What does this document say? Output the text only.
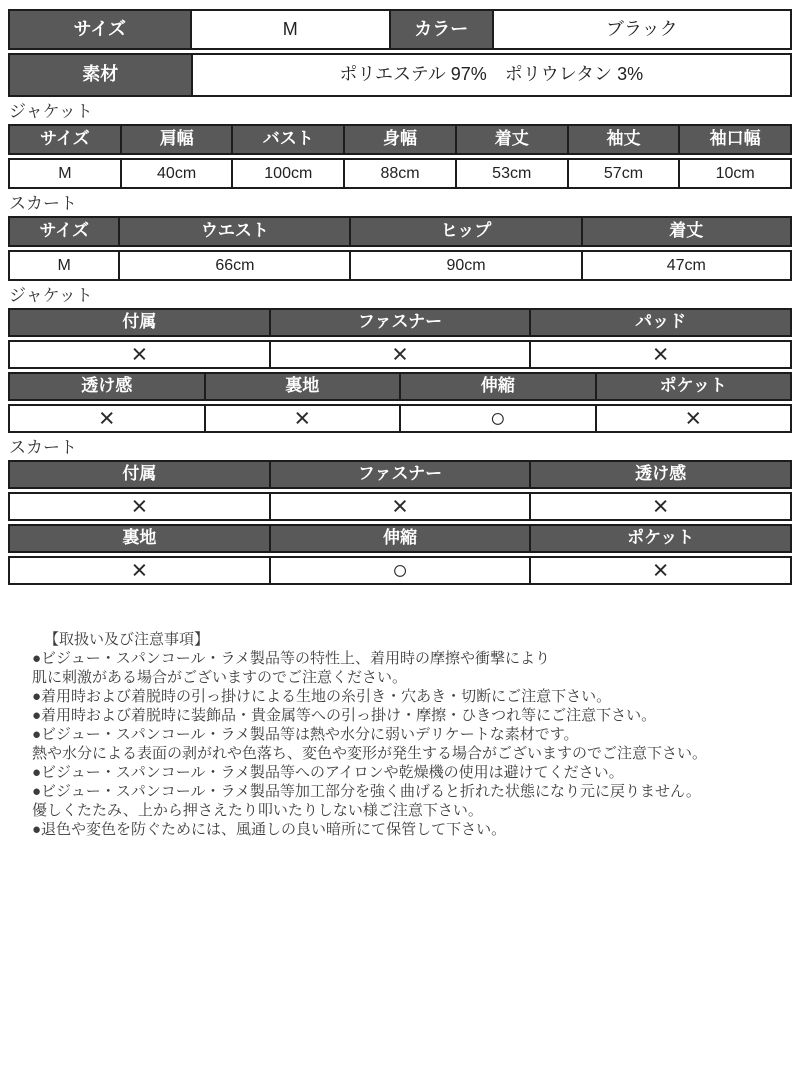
サイズ	M	カラー	ブラック
素材	ポリエステル 97%　ポリウレタン 3%
ジャケット
サイズ	肩幅	バスト	身幅	着丈	袖丈	袖口幅
M	40cm	100cm	88cm	53cm	57cm	10cm
スカート
サイズ	ウエスト	ヒップ	着丈
M	66cm	90cm	47cm
ジャケット
付属	ファスナー	パッド
×	×	×
透け感	裏地	伸縮	ポケット
×	×	○	×
スカート
付属	ファスナー	透け感
×	×	×
裏地	伸縮	ポケット
×	○	×
【取扱い及び注意事項】
●ビジュー・スパンコール・ラメ製品等の特性上、着用時の摩擦や衝撃により
肌に刺激がある場合がございますのでご注意ください。
●着用時および着脱時の引っ掛けによる生地の糸引き・穴あき・切断にご注意下さい。
●着用時および着脱時に装飾品・貴金属等への引っ掛け・摩擦・ひきつれ等にご注意下さい。
●ビジュー・スパンコール・ラメ製品等は熱や水分に弱いデリケートな素材です。
熱や水分による表面の剥がれや色落ち、変色や変形が発生する場合がございますのでご注意下さい。
●ビジュー・スパンコール・ラメ製品等へのアイロンや乾燥機の使用は避けてください。
●ビジュー・スパンコール・ラメ製品等加工部分を強く曲げると折れた状態になり元に戻りません。
優しくたたみ、上から押さえたり叩いたりしない様ご注意下さい。
●退色や変色を防ぐためには、風通しの良い暗所にて保管して下さい。
